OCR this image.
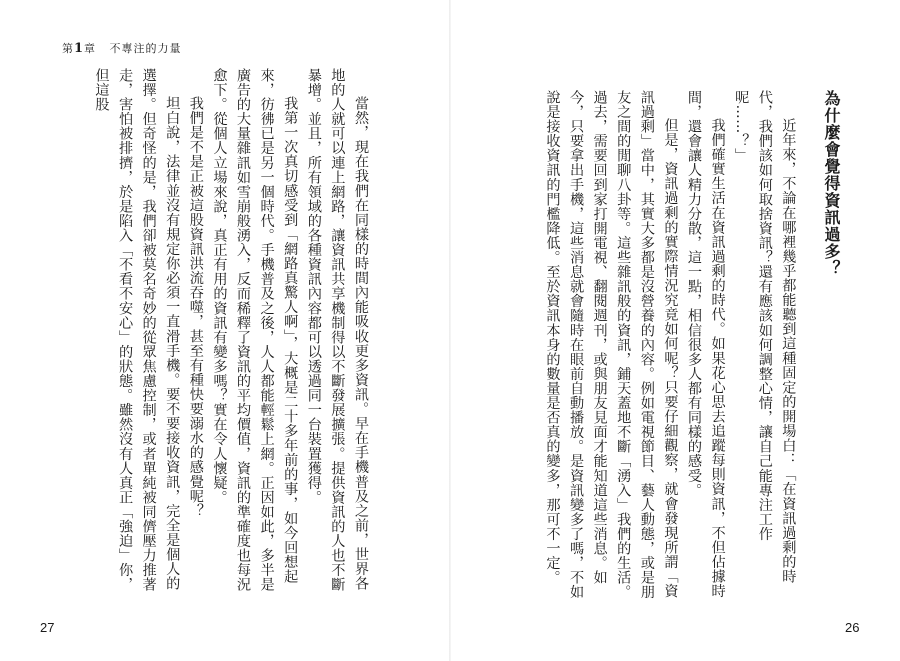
第1章 不專注的力量

為什麼會覺得資訊過多？

近年來，不論在哪裡幾乎都能聽到這種固定的開場白：「在資訊過剩的時代，我們該如何取捨資訊？還有應該如何調整心情，讓自己能專注工作呢……？」

我們確實生活在資訊過剩的時代。如果花心思去追蹤每則資訊，不但佔據時間，還會讓人精力分散，這一點，相信很多人都有同樣的感受。

但是，資訊過剩的實際情況究竟如何呢？只要仔細觀察，就會發現所謂「資訊過剩」當中，其實大多都是沒營養的內容。例如電視節目、藝人動態，或是朋友之間的閒聊八卦等。這些雜訊般的資訊，鋪天蓋地不斷「湧入」我們的生活。過去，需要回到家打開電視、翻閱週刊，或與朋友見面才能知道這些消息。如今，只要拿出手機，這些消息就會隨時在眼前自動播放。是資訊變多了嗎，不如說是接收資訊的門檻降低。至於資訊本身的數量是否真的變多，那可不一定。

當然，現在我們在同樣的時間內能吸收更多資訊。早在手機普及之前，世界各地的人就可以連上網路，讓資訊共享機制得以不斷發展擴張。提供資訊的人也不斷暴增。並且，所有領域的各種資訊內容都可以透過同一台裝置獲得。

我第一次真切感受到「網路真驚人啊」，大概是二十多年前的事，如今回想起來，彷彿已是另一個時代。手機普及之後，人人都能輕鬆上網。正因如此，多半是廣告的大量雜訊如雪崩般湧入，反而稀釋了資訊的平均價值，資訊的準確度也每況愈下。從個人立場來說，真正有用的資訊有變多嗎？實在令人懷疑。

我們是不是正被這股資訊洪流吞噬，甚至有種快要溺水的感覺呢？

坦白說，法律並沒有規定你必須一直滑手機。要不要接收資訊，完全是個人的選擇。但奇怪的是，我們卻被莫名奇妙的從眾焦慮控制，或者單純被同儕壓力推著走，害怕被排擠，於是陷入「不看不安心」的狀態。雖然沒有人真正「強迫」你，但這股

27	26
